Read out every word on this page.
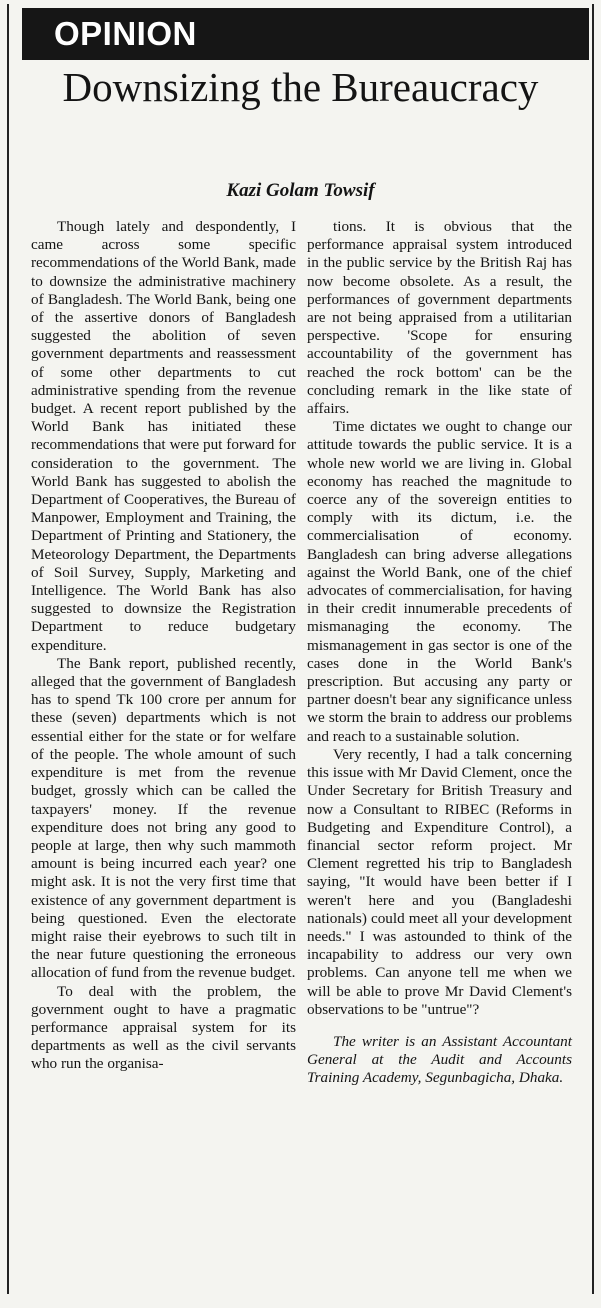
OPINION
Downsizing the Bureaucracy
Kazi Golam Towsif

Though lately and despondently, I came across some specific recommendations of the World Bank, made to downsize the administrative machinery of Bangladesh. The World Bank, being one of the assertive donors of Bangladesh suggested the abolition of seven government departments and reassessment of some other departments to cut administrative spending from the revenue budget. A recent report published by the World Bank has initiated these recommendations that were put forward for consideration to the government. The World Bank has suggested to abolish the Department of Cooperatives, the Bureau of Manpower, Employment and Training, the Department of Printing and Stationery, the Meteorology Department, the Departments of Soil Survey, Supply, Marketing and Intelligence. The World Bank has also suggested to downsize the Registration Department to reduce budgetary expenditure.

The Bank report, published recently, alleged that the government of Bangladesh has to spend Tk 100 crore per annum for these (seven) departments which is not essential either for the state or for welfare of the people. The whole amount of such expenditure is met from the revenue budget, grossly which can be called the taxpayers' money. If the revenue expenditure does not bring any good to people at large, then why such mammoth amount is being incurred each year? one might ask. It is not the very first time that existence of any government department is being questioned. Even the electorate might raise their eyebrows to such tilt in the near future questioning the erroneous allocation of fund from the revenue budget.

To deal with the problem, the government ought to have a pragmatic performance appraisal system for its departments as well as the civil servants who run the organisa-

tions. It is obvious that the performance appraisal system introduced in the public service by the British Raj has now become obsolete. As a result, the performances of government departments are not being appraised from a utilitarian perspective. 'Scope for ensuring accountability of the government has reached the rock bottom' can be the concluding remark in the like state of affairs.

Time dictates we ought to change our attitude towards the public service. It is a whole new world we are living in. Global economy has reached the magnitude to coerce any of the sovereign entities to comply with its dictum, i.e. the commercialisation of economy. Bangladesh can bring adverse allegations against the World Bank, one of the chief advocates of commercialisation, for having in their credit innumerable precedents of mismanaging the economy. The mismanagement in gas sector is one of the cases done in the World Bank's prescription. But accusing any party or partner doesn't bear any significance unless we storm the brain to address our problems and reach to a sustainable solution.

Very recently, I had a talk concerning this issue with Mr David Clement, once the Under Secretary for British Treasury and now a Consultant to RIBEC (Reforms in Budgeting and Expenditure Control), a financial sector reform project. Mr Clement regretted his trip to Bangladesh saying, "It would have been better if I weren't here and you (Bangladeshi nationals) could meet all your development needs." I was astounded to think of the incapability to address our very own problems. Can anyone tell me when we will be able to prove Mr David Clement's observations to be "untrue"?

The writer is an Assistant Accountant General at the Audit and Accounts Training Academy, Segunbagicha, Dhaka.
